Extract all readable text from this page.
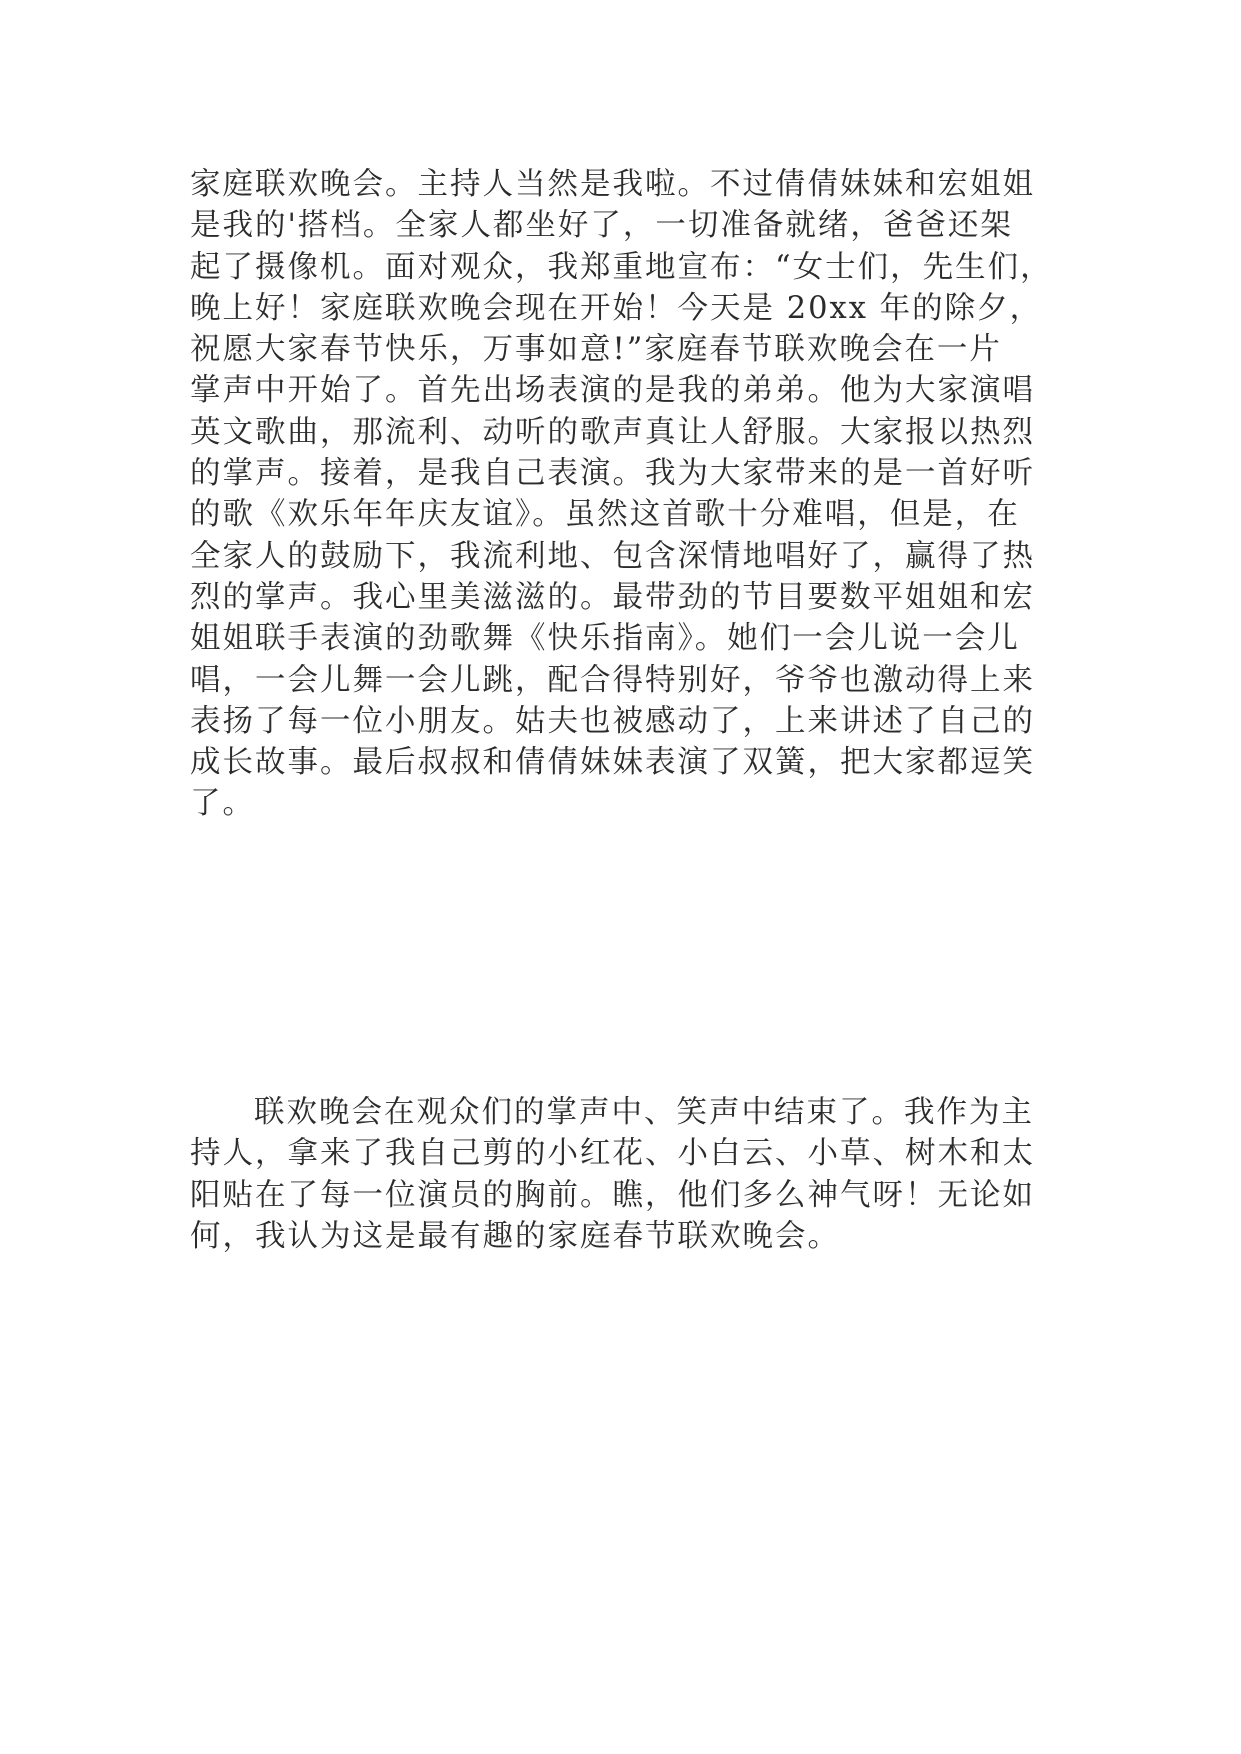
家庭联欢晚会。主持人当然是我啦。不过倩倩妹妹和宏姐姐
是我的'搭档。全家人都坐好了，一切准备就绪，爸爸还架
起了摄像机。面对观众，我郑重地宣布：“女士们，先生们，
晚上好！家庭联欢晚会现在开始！今天是 20xx 年的除夕，
祝愿大家春节快乐，万事如意!”家庭春节联欢晚会在一片
掌声中开始了。首先出场表演的是我的弟弟。他为大家演唱
英文歌曲，那流利、动听的歌声真让人舒服。大家报以热烈
的掌声。接着，是我自己表演。我为大家带来的是一首好听
的歌《欢乐年年庆友谊》。虽然这首歌十分难唱，但是，在
全家人的鼓励下，我流利地、包含深情地唱好了，赢得了热
烈的掌声。我心里美滋滋的。最带劲的节目要数平姐姐和宏
姐姐联手表演的劲歌舞《快乐指南》。她们一会儿说一会儿
唱，一会儿舞一会儿跳，配合得特别好，爷爷也激动得上来
表扬了每一位小朋友。姑夫也被感动了，上来讲述了自己的
成长故事。最后叔叔和倩倩妹妹表演了双簧，把大家都逗笑
了。
联欢晚会在观众们的掌声中、笑声中结束了。我作为主
持人，拿来了我自己剪的小红花、小白云、小草、树木和太
阳贴在了每一位演员的胸前。瞧，他们多么神气呀！无论如
何，我认为这是最有趣的家庭春节联欢晚会。
